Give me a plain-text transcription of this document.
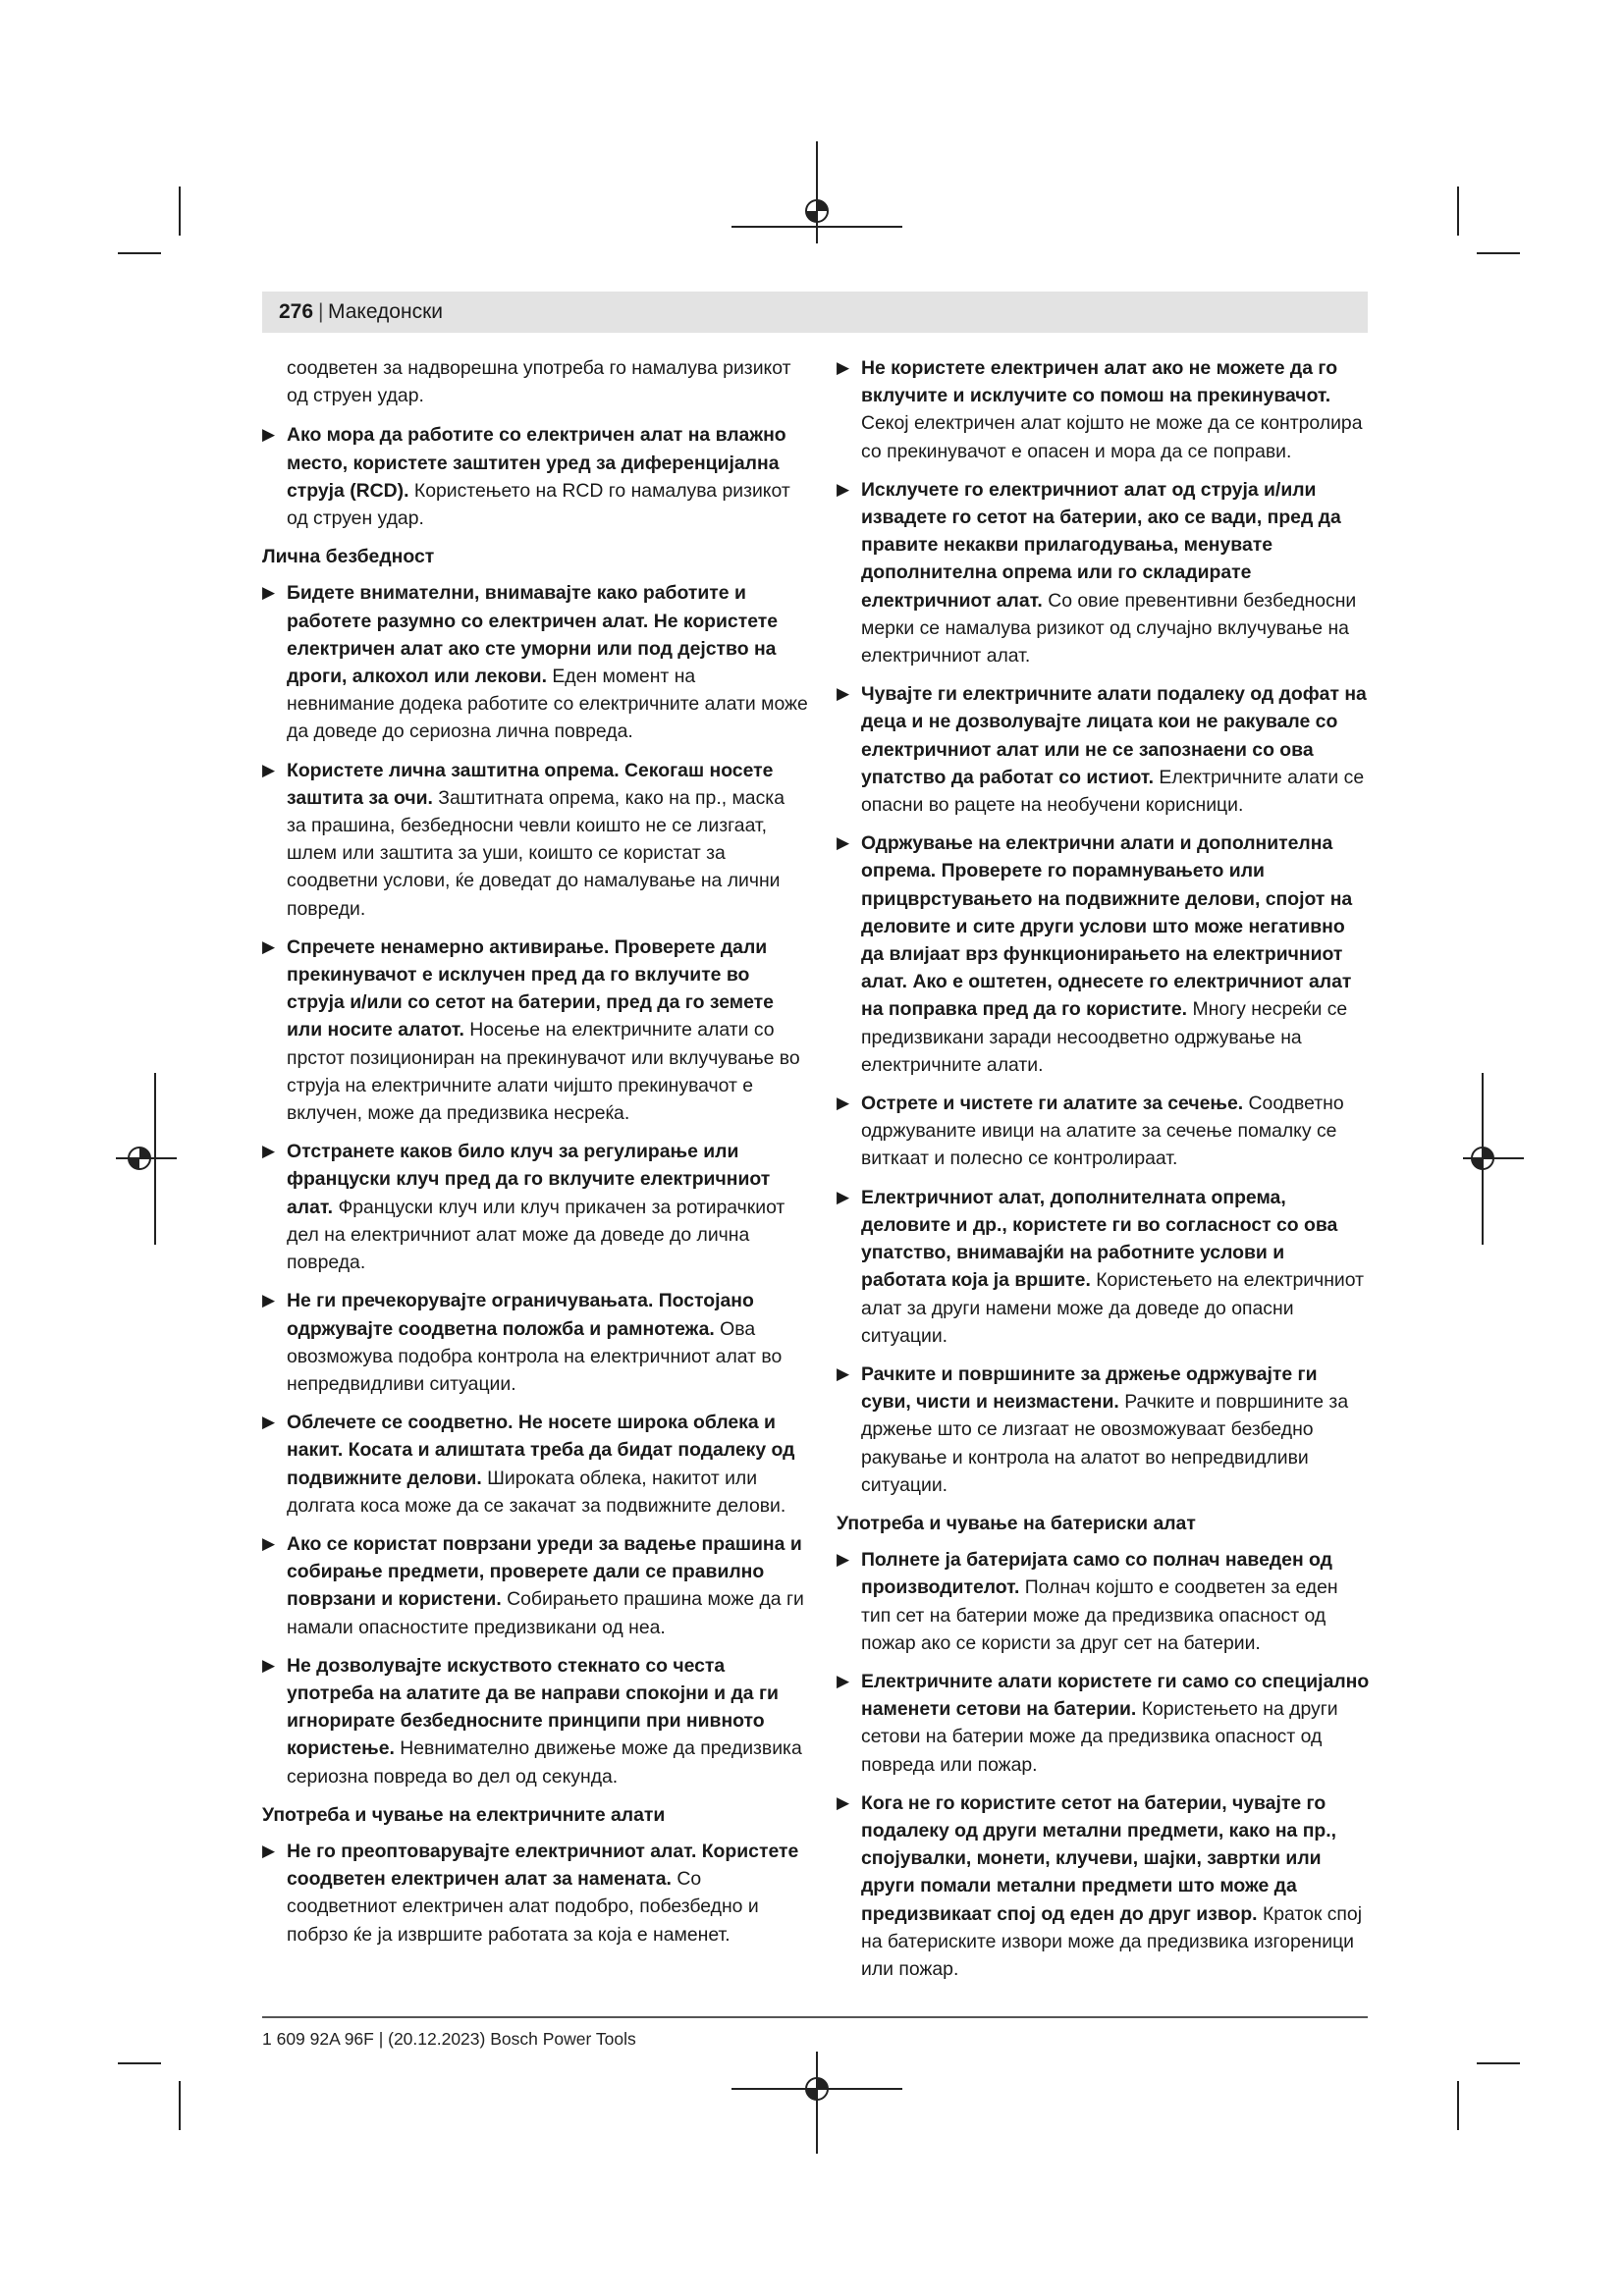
276 | Македонски

соодветен за надворешна употреба го намалува ризикот од струен удар.

▶ Ако мора да работите со електричен алат на влажно место, користете заштитен уред за диференцијална струја (RCD). Користењето на RCD го намалува ризикот од струен удар.
Лична безбедност
▶ Бидете внимателни, внимавајте како работите и работете разумно со електричен алат. Не користете електричен алат ако сте уморни или под дејство на дроги, алкохол или лекови. Еден момент на невнимание додека работите со електричните алати може да доведе до сериозна лична повреда.
▶ Користете лична заштитна опрема. Секогаш носете заштита за очи. Заштитната опрема, како на пр., маска за прашина, безбедносни чевли коишто не се лизгаат, шлем или заштита за уши, коишто се користат за соодветни услови, ќе доведат до намалување на лични повреди.
▶ Спречете ненамерно активирање. Проверете дали прекинувачот е исклучен пред да го вклучите во струја и/или со сетот на батерии, пред да го земете или носите алатот. Носење на електричните алати со прстот позициониран на прекинувачот или вклучување во струја на електричните алати чијшто прекинувачот е вклучен, може да предизвика несреќа.
▶ Отстранете каков било клуч за регулирање или француски клуч пред да го вклучите електричниот алат. Француски клуч или клуч прикачен за ротирачкиот дел на електричниот алат може да доведе до лична повреда.
▶ Не ги пречекорувајте ограничувањата. Постојано одржувајте соодветна положба и рамнотежа. Ова овозможува подобра контрола на електричниот алат во непредвидливи ситуации.
▶ Облечете се соодветно. Не носете широка облека и накит. Косата и алиштата треба да бидат подалеку од подвижните делови. Широката облека, накитот или долгата коса може да се закачат за подвижните делови.
▶ Ако се користат поврзани уреди за вадење прашина и собирање предмети, проверете дали се правилно поврзани и користени. Собирањето прашина може да ги намали опасностите предизвикани од неа.
▶ Не дозволувајте искуството стекнато со честа употреба на алатите да ве направи спокојни и да ги игнорирате безбедносните принципи при нивното користење. Невнимателно движење може да предизвика сериозна повреда во дел од секунда.
Употреба и чување на електричните алати
▶ Не го преоптоварувајте електричниот алат. Користете соодветен електричен алат за намената. Со соодветниот електричен алат подобро, побезбедно и побрзо ќе ја извршите работата за која е наменет.
▶ Не користете електричен алат ако не можете да го вклучите и исклучите со помош на прекинувачот. Секој електричен алат којшто не може да се контролира со прекинувачот е опасен и мора да се поправи.
▶ Исклучете го електричниот алат од струја и/или извадете го сетот на батерии, ако се вади, пред да правите некакви прилагодувања, менувате дополнителна опрема или го складирате електричниот алат. Со овие превентивни безбедносни мерки се намалува ризикот од случајно вклучување на електричниот алат.
▶ Чувајте ги електричните алати подалеку од дофат на деца и не дозволувајте лицата кои не ракувале со електричниот алат или не се запознаени со ова упатство да работат со истиот. Електричните алати се опасни во рацете на необучени корисници.
▶ Одржување на електрични алати и дополнителна опрема. Проверете го порамнувањето или прицврстувањето на подвижните делови, спојот на деловите и сите други услови што може негативно да влијаат врз функционирањето на електричниот алат. Ако е оштетен, однесете го електричниот алат на поправка пред да го користите. Многу несреќи се предизвикани заради несоодветно одржување на електричните алати.
▶ Острете и чистете ги алатите за сечење. Соодветно одржуваните ивици на алатите за сечење помалку се виткаат и полесно се контролираат.
▶ Електричниот алат, дополнителната опрема, деловите и др., користете ги во согласност со ова упатство, внимавајќи на работните услови и работата која ја вршите. Користењето на електричниот алат за други намени може да доведе до опасни ситуации.
▶ Рачките и површините за држење одржувајте ги суви, чисти и неизмастени. Рачките и површините за држење што се лизгаат не овозможуваат безбедно ракување и контрола на алатот во непредвидливи ситуации.
Употреба и чување на батериски алат
▶ Полнете ја батеријата само со полнач наведен од производителот. Полнач којшто е соодветен за еден тип сет на батерии може да предизвика опасност од пожар ако се користи за друг сет на батерии.
▶ Електричните алати користете ги само со специјално наменети сетови на батерии. Користењето на други сетови на батерии може да предизвика опасност од повреда или пожар.
▶ Кога не го користите сетот на батерии, чувајте го подалеку од други метални предмети, како на пр., спојувалки, монети, клучеви, шајки, завртки или други помали метални предмети што може да предизвикаат спој од еден до друг извор. Краток спој на батериските извори може да предизвика изгореници или пожар.
1 609 92A 96F | (20.12.2023) Bosch Power Tools
